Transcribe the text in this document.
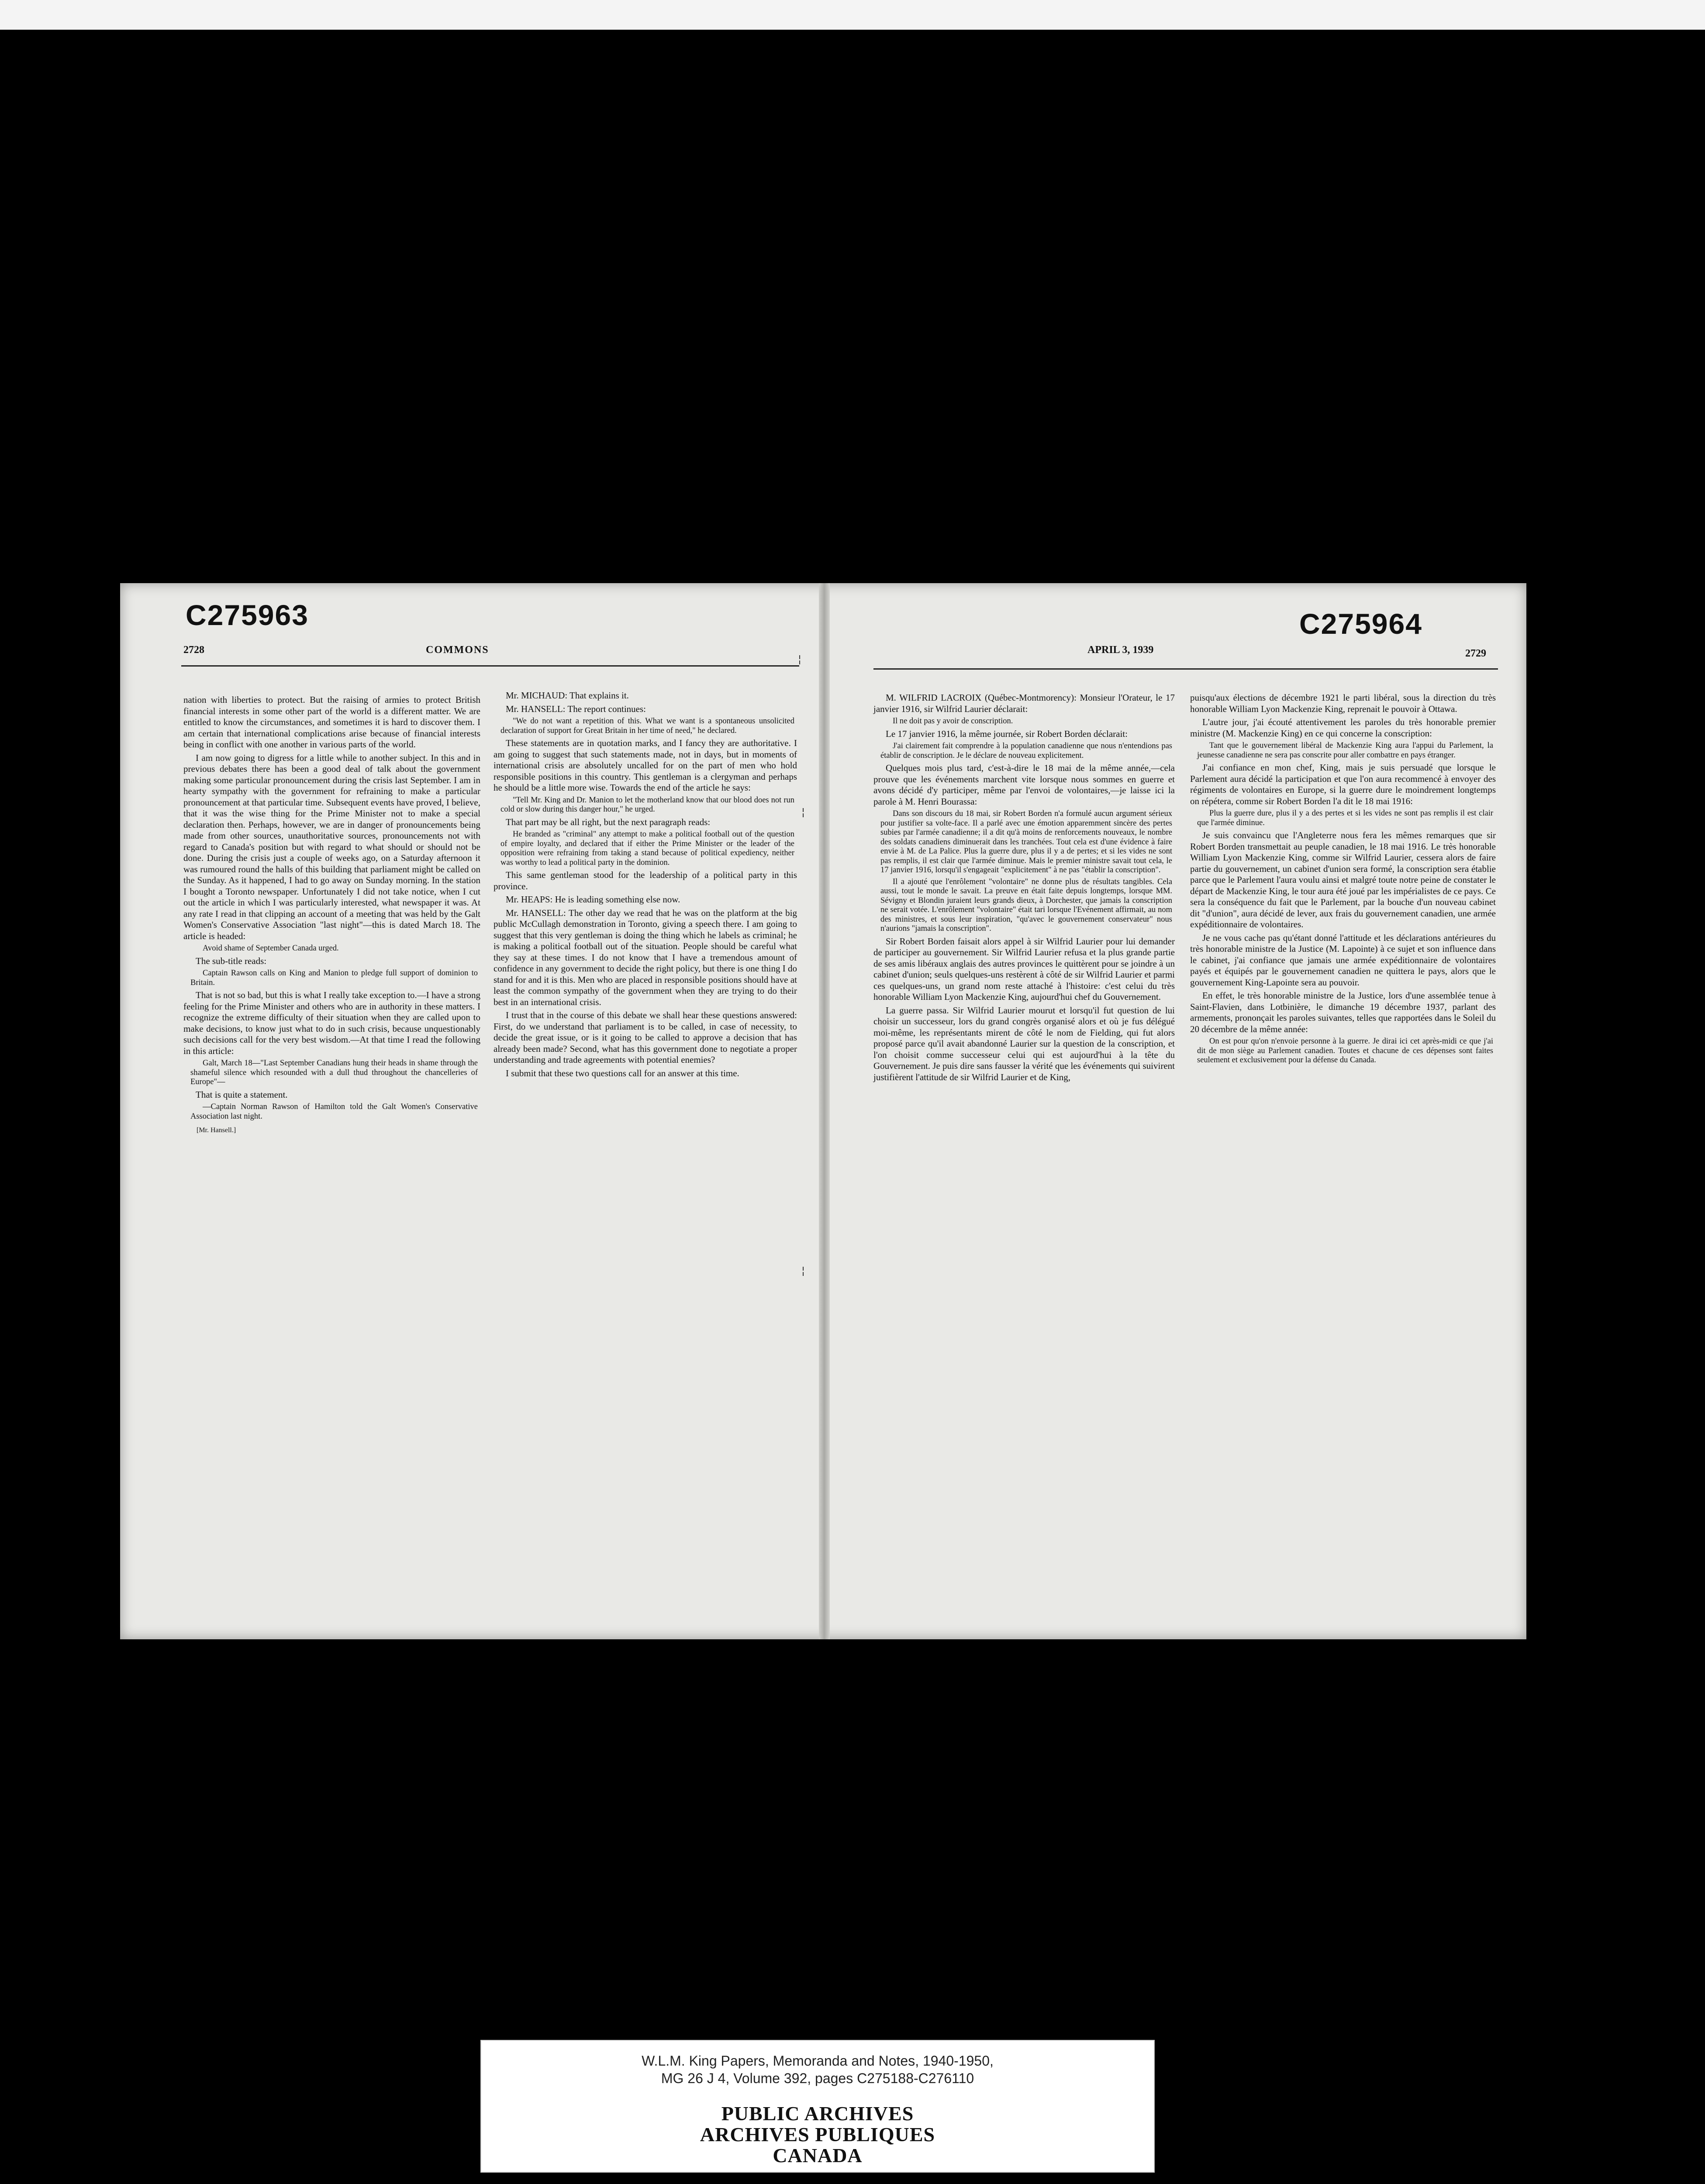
C275963
2728	COMMONS

nation with liberties to protect. But the raising of armies to protect British financial interests in some other part of the world is a different matter. We are entitled to know the circumstances, and sometimes it is hard to discover them. I am certain that international complications arise because of financial interests being in conflict with one another in various parts of the world.

I am now going to digress for a little while to another subject. In this and in previous debates there has been a good deal of talk about the government making some particular pronouncement during the crisis last September. I am in hearty sympathy with the government for refraining to make a particular pronouncement at that particular time. Subsequent events have proved, I believe, that it was the wise thing for the Prime Minister not to make a special declaration then. Perhaps, however, we are in danger of pronouncements being made from other sources, unauthoritative sources, pronouncements not with regard to Canada's position but with regard to what should or should not be done. During the crisis just a couple of weeks ago, on a Saturday afternoon it was rumoured round the halls of this building that parliament might be called on the Sunday. As it happened, I had to go away on Sunday morning. In the station I bought a Toronto newspaper. Unfortunately I did not take notice, when I cut out the article in which I was particularly interested, what newspaper it was. At any rate I read in that clipping an account of a meeting that was held by the Galt Women's Conservative Association "last night"—this is dated March 18. The article is headed:

Avoid shame of September Canada urged.

The sub-title reads:

Captain Rawson calls on King and Manion to pledge full support of dominion to Britain.

That is not so bad, but this is what I really take exception to.—I have a strong feeling for the Prime Minister and others who are in authority in these matters. I recognize the extreme difficulty of their situation when they are called upon to make decisions, to know just what to do in such crisis, because unquestionably such decisions call for the very best wisdom.—At that time I read the following in this article:

Galt, March 18—"Last September Canadians hung their heads in shame through the shameful silence which resounded with a dull thud throughout the chancelleries of Europe"—

That is quite a statement.

—Captain Norman Rawson of Hamilton told the Galt Women's Conservative Association last night.

[Mr. Hansell.]

Mr. MICHAUD: That explains it.

Mr. HANSELL: The report continues:

"We do not want a repetition of this. What we want is a spontaneous unsolicited declaration of support for Great Britain in her time of need," he declared.

These statements are in quotation marks, and I fancy they are authoritative. I am going to suggest that such statements made, not in days, but in moments of international crisis are absolutely uncalled for on the part of men who hold responsible positions in this country. This gentleman is a clergyman and perhaps he should be a little more wise. Towards the end of the article he says:

"Tell Mr. King and Dr. Manion to let the motherland know that our blood does not run cold or slow during this danger hour," he urged.

That part may be all right, but the next paragraph reads:

He branded as "criminal" any attempt to make a political football out of the question of empire loyalty, and declared that if either the Prime Minister or the leader of the opposition were refraining from taking a stand because of political expediency, neither was worthy to lead a political party in the dominion.

This same gentleman stood for the leadership of a political party in this province.

Mr. HEAPS: He is leading something else now.

Mr. HANSELL: The other day we read that he was on the platform at the big public McCullagh demonstration in Toronto, giving a speech there. I am going to suggest that this very gentleman is doing the thing which he labels as criminal; he is making a political football out of the situation. People should be careful what they say at these times. I do not know that I have a tremendous amount of confidence in any government to decide the right policy, but there is one thing I do stand for and it is this. Men who are placed in responsible positions should have at least the common sympathy of the government when they are trying to do their best in an international crisis.

I trust that in the course of this debate we shall hear these questions answered: First, do we understand that parliament is to be called, in case of necessity, to decide the great issue, or is it going to be called to approve a decision that has already been made? Second, what has this government done to negotiate a proper understanding and trade agreements with potential enemies?

I submit that these two questions call for an answer at this time.

¦
¦
¦
C275964
APRIL 3, 1939	2729

M. WILFRID LACROIX (Québec-Montmorency): Monsieur l'Orateur, le 17 janvier 1916, sir Wilfrid Laurier déclarait:

Il ne doit pas y avoir de conscription.

Le 17 janvier 1916, la même journée, sir Robert Borden déclarait:

J'ai clairement fait comprendre à la population canadienne que nous n'entendions pas établir de conscription. Je le déclare de nouveau explicitement.

Quelques mois plus tard, c'est-à-dire le 18 mai de la même année,—cela prouve que les événements marchent vite lorsque nous sommes en guerre et avons décidé d'y participer, même par l'envoi de volontaires,—je laisse ici la parole à M. Henri Bourassa:

Dans son discours du 18 mai, sir Robert Borden n'a formulé aucun argument sérieux pour justifier sa volte-face. Il a parlé avec une émotion apparemment sincère des pertes subies par l'armée canadienne; il a dit qu'à moins de renforcements nouveaux, le nombre des soldats canadiens diminuerait dans les tranchées. Tout cela est d'une évidence à faire envie à M. de La Palice. Plus la guerre dure, plus il y a de pertes; et si les vides ne sont pas remplis, il est clair que l'armée diminue. Mais le premier ministre savait tout cela, le 17 janvier 1916, lorsqu'il s'engageait "explicitement" à ne pas "établir la conscription".

Il a ajouté que l'enrôlement "volontaire" ne donne plus de résultats tangibles. Cela aussi, tout le monde le savait. La preuve en était faite depuis longtemps, lorsque MM. Sévigny et Blondin juraient leurs grands dieux, à Dorchester, que jamais la conscription ne serait votée. L'enrôlement "volontaire" était tari lorsque l'Evénement affirmait, au nom des ministres, et sous leur inspiration, "qu'avec le gouvernement conservateur" nous n'aurions "jamais la conscription".

Sir Robert Borden faisait alors appel à sir Wilfrid Laurier pour lui demander de participer au gouvernement. Sir Wilfrid Laurier refusa et la plus grande partie de ses amis libéraux anglais des autres provinces le quittèrent pour se joindre à un cabinet d'union; seuls quelques-uns restèrent à côté de sir Wilfrid Laurier et parmi ces quelques-uns, un grand nom reste attaché à l'histoire: c'est celui du très honorable William Lyon Mackenzie King, aujourd'hui chef du Gouvernement.

La guerre passa. Sir Wilfrid Laurier mourut et lorsqu'il fut question de lui choisir un successeur, lors du grand congrès organisé alors et où je fus délégué moi-même, les représentants mirent de côté le nom de Fielding, qui fut alors proposé parce qu'il avait abandonné Laurier sur la question de la conscription, et l'on choisit comme successeur celui qui est aujourd'hui à la tête du Gouvernement. Je puis dire sans fausser la vérité que les événements qui suivirent justifièrent l'attitude de sir Wilfrid Laurier et de King,

puisqu'aux élections de décembre 1921 le parti libéral, sous la direction du très honorable William Lyon Mackenzie King, reprenait le pouvoir à Ottawa.

L'autre jour, j'ai écouté attentivement les paroles du très honorable premier ministre (M. Mackenzie King) en ce qui concerne la conscription:

Tant que le gouvernement libéral de Mackenzie King aura l'appui du Parlement, la jeunesse canadienne ne sera pas conscrite pour aller combattre en pays étranger.

J'ai confiance en mon chef, King, mais je suis persuadé que lorsque le Parlement aura décidé la participation et que l'on aura recommencé à envoyer des régiments de volontaires en Europe, si la guerre dure le moindrement longtemps on répétera, comme sir Robert Borden l'a dit le 18 mai 1916:

Plus la guerre dure, plus il y a des pertes et si les vides ne sont pas remplis il est clair que l'armée diminue.

Je suis convaincu que l'Angleterre nous fera les mêmes remarques que sir Robert Borden transmettait au peuple canadien, le 18 mai 1916. Le très honorable William Lyon Mackenzie King, comme sir Wilfrid Laurier, cessera alors de faire partie du gouvernement, un cabinet d'union sera formé, la conscription sera établie parce que le Parlement l'aura voulu ainsi et malgré toute notre peine de constater le départ de Mackenzie King, le tour aura été joué par les impérialistes de ce pays. Ce sera la conséquence du fait que le Parlement, par la bouche d'un nouveau cabinet dit "d'union", aura décidé de lever, aux frais du gouvernement canadien, une armée expéditionnaire de volontaires.

Je ne vous cache pas qu'étant donné l'attitude et les déclarations antérieures du très honorable ministre de la Justice (M. Lapointe) à ce sujet et son influence dans le cabinet, j'ai confiance que jamais une armée expéditionnaire de volontaires payés et équipés par le gouvernement canadien ne quittera le pays, alors que le gouvernement King-Lapointe sera au pouvoir.

En effet, le très honorable ministre de la Justice, lors d'une assemblée tenue à Saint-Flavien, dans Lotbinière, le dimanche 19 décembre 1937, parlant des armements, prononçait les paroles suivantes, telles que rapportées dans le Soleil du 20 décembre de la même année:

On est pour qu'on n'envoie personne à la guerre. Je dirai ici cet après-midi ce que j'ai dit de mon siège au Parlement canadien. Toutes et chacune de ces dépenses sont faites seulement et exclusivement pour la défense du Canada.

W.L.M. King Papers, Memoranda and Notes, 1940-1950,
MG 26 J 4, Volume 392, pages C275188-C276110
PUBLIC ARCHIVES
ARCHIVES PUBLIQUES
CANADA
